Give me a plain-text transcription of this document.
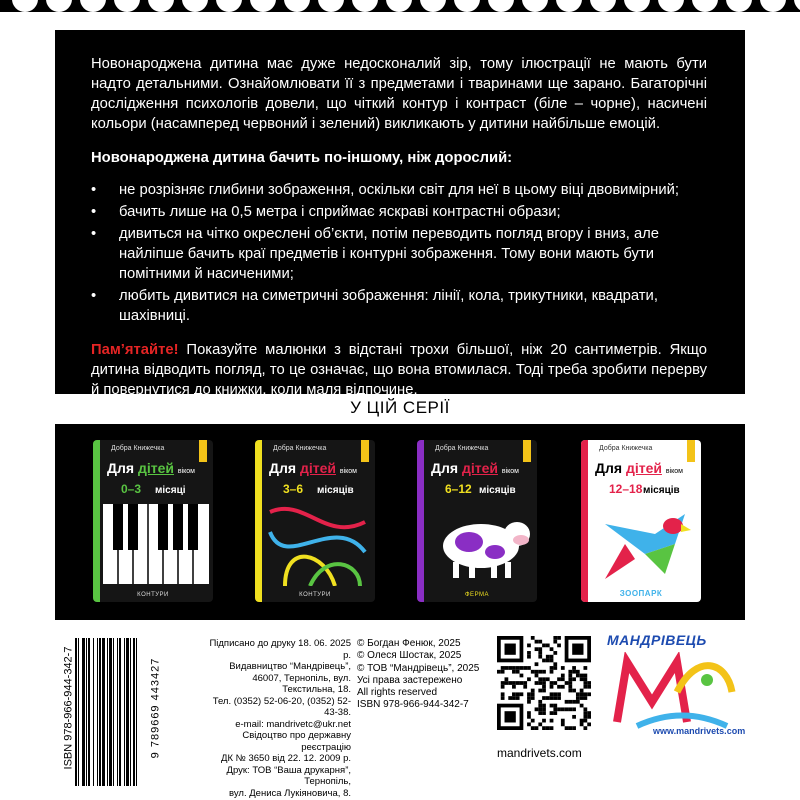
Новонароджена дитина має дуже недосконалий зір, тому ілюстрації не мають бути надто детальними. Ознайомлювати її з предметами і тваринами ще зарано. Багаторічні дослідження психологів довели, що чіткий контур і контраст (біле – чорне), насичені кольори (насамперед червоний і зелений) викликають у дитини найбільше емоцій.

Новонароджена дитина бачить по-іншому, ніж дорослий:

• не розрізняє глибини зображення, оскільки світ для неї в цьому віці двовимірний;
• бачить лише на 0,5 метра і сприймає яскраві контрастні образи;
• дивиться на чітко окреслені об’єкти, потім переводить погляд вгору і вниз, але найліпше бачить краї предметів і контурні зображення. Тому вони мають бути помітними й насиченими;
• любить дивитися на симетричні зображення: лінії, кола, трикутники, квадрати, шахівниці.

Пам’ятайте! Показуйте малюнки з відстані трохи більшої, ніж 20 сантиметрів. Якщо дитина відводить погляд, то це означає, що вона втомилася. Тоді треба зробити перерву й повернутися до книжки, коли маля відпочине.

У ЦІЙ СЕРІЇ
Добра Книжечка
Для дітей віком
0–3 місяці
КОНТУРИ
Добра Книжечка
Для дітей віком
3–6 місяців
КОНТУРИ
Добра Книжечка
Для дітей віком
6–12 місяців
ФЕРМА
Добра Книжечка
Для дітей віком
12–18 місяців
ЗООПАРК
ISBN 978-966-944-342-7	9 789669 443427
Підписано до друку 18. 06. 2025 р.
Видавництво “Мандрівець”,
46007, Тернопіль, вул. Текстильна, 18.
Тел. (0352) 52-06-20, (0352) 52-43-38.
e-mail: mandrivetc@ukr.net
Свідоцтво про державну реєстрацію
ДК № 3650 від 22. 12. 2009 р.
Друк: ТОВ “Ваша друкарня”, Тернопіль,
вул. Дениса Лукіяновича, 8.
© Богдан Фенюк, 2025
© Олеся Шостак, 2025
© ТОВ “Мандрівець”, 2025
Усі права застережено
All rights reserved
ISBN 978-966-944-342-7
МАНДРІВЕЦЬ
www.mandrivets.com
mandrivets.com
